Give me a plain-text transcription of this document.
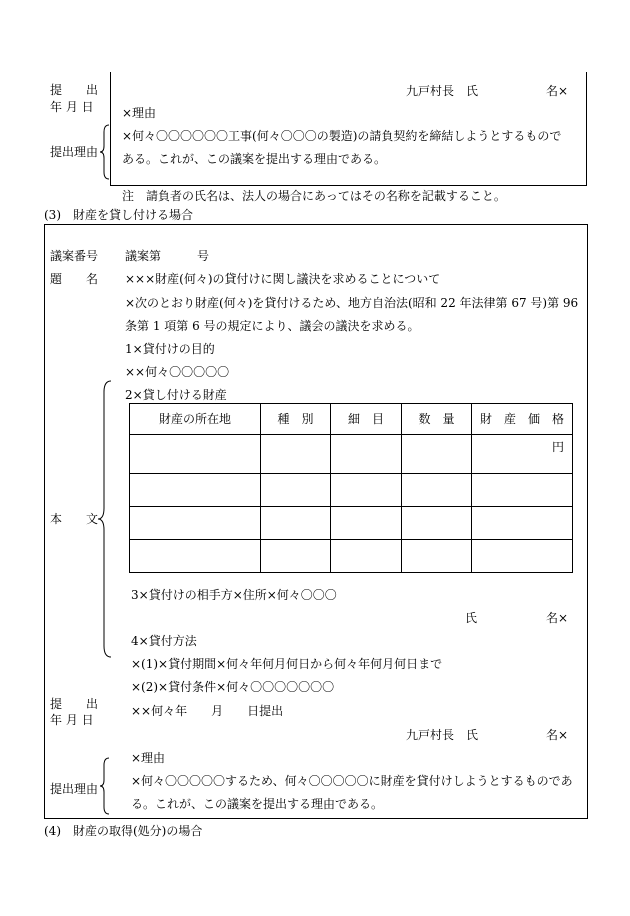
提　　出
年 月 日
九戸村長　氏	名×
×理由
提出理由
×何々〇〇〇〇〇〇工事(何々〇〇〇の製造)の請負契約を締結しようとするもので
ある。これが、この議案を提出する理由である。
注　請負者の氏名は、法人の場合にあってはその名称を記載すること。
(3)　財産を貸し付ける場合
議案番号 議案第　　　号
題　　名 ×××財産(何々)の貸付けに関し議決を求めることについて
×次のとおり財産(何々)を貸付けるため、地方自治法(昭和 22 年法律第 67 号)第 96
条第 1 項第 6 号の規定により、議会の議決を求める。
1×貸付けの目的
××何々〇〇〇〇〇
2×貸し付ける財産
本　　文
財産の所在地	種　別	細　目	数　量	財　産　価　格
				円

3×貸付けの相手方×住所×何々〇〇〇
氏	名×
4×貸付方法
×(1)×貸付期間×何々年何月何日から何々年何月何日まで
×(2)×貸付条件×何々〇〇〇〇〇〇〇
提　　出
年 月 日
××何々年　　月　　日提出
九戸村長　氏	名×
×理由
提出理由
×何々〇〇〇〇〇するため、何々〇〇〇〇〇に財産を貸付けしようとするものであ
る。これが、この議案を提出する理由である。
(4)　財産の取得(処分)の場合
